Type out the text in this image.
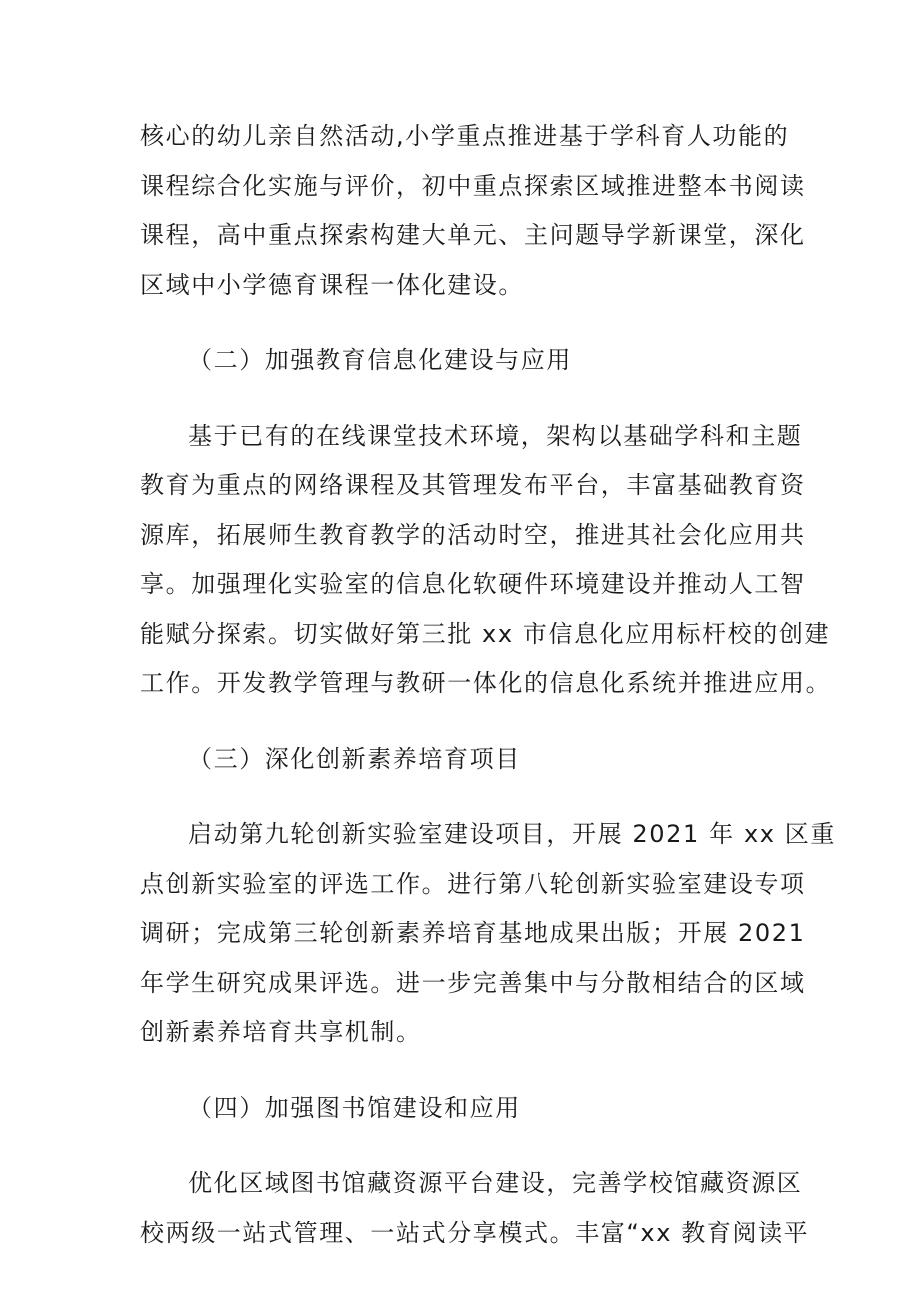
核心的幼儿亲自然活动,小学重点推进基于学科育人功能的
课程综合化实施与评价，初中重点探索区域推进整本书阅读
课程，高中重点探索构建大单元、主问题导学新课堂，深化
区域中小学德育课程一体化建设。
（二）加强教育信息化建设与应用
基于已有的在线课堂技术环境，架构以基础学科和主题
教育为重点的网络课程及其管理发布平台，丰富基础教育资
源库，拓展师生教育教学的活动时空，推进其社会化应用共
享。加强理化实验室的信息化软硬件环境建设并推动人工智
能赋分探索。切实做好第三批 xx 市信息化应用标杆校的创建
工作。开发教学管理与教研一体化的信息化系统并推进应用。
（三）深化创新素养培育项目
启动第九轮创新实验室建设项目，开展 2021 年 xx 区重
点创新实验室的评选工作。进行第八轮创新实验室建设专项
调研；完成第三轮创新素养培育基地成果出版；开展 2021
年学生研究成果评选。进一步完善集中与分散相结合的区域
创新素养培育共享机制。
（四）加强图书馆建设和应用
优化区域图书馆藏资源平台建设，完善学校馆藏资源区
校两级一站式管理、一站式分享模式。丰富“xx 教育阅读平
